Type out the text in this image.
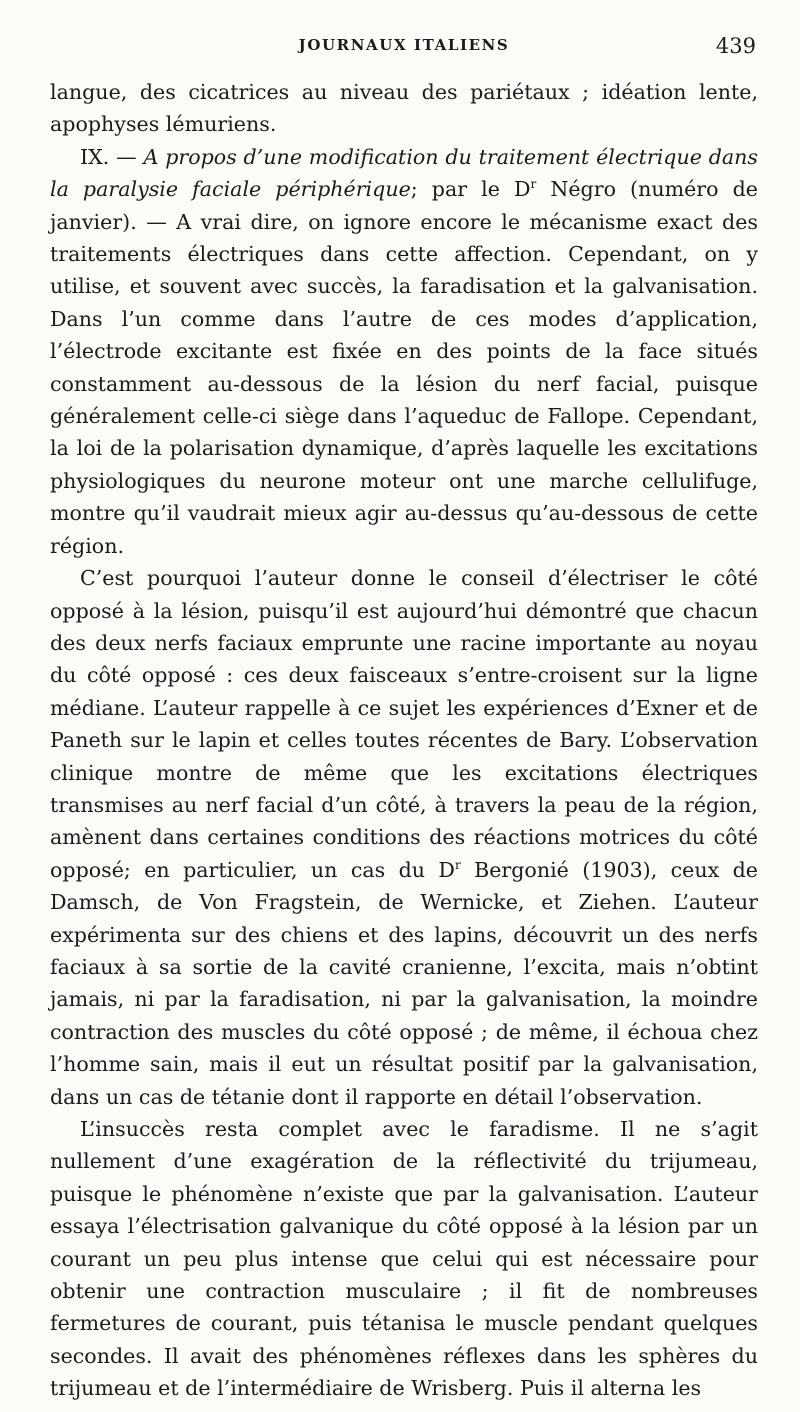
JOURNAUX ITALIENS	439

langue, des cicatrices au niveau des pariétaux ; idéation lente, apophyses lémuriens.

IX. — A propos d’une modification du traitement électrique dans la paralysie faciale périphérique; par le $D^r$ Négro (numéro de janvier). — A vrai dire, on ignore encore le mécanisme exact des traitements électriques dans cette affection. Cependant, on y utilise, et souvent avec succès, la faradisation et la galvanisation. Dans l’un comme dans l’autre de ces modes d’application, l’électrode excitante est fixée en des points de la face situés constamment au-dessous de la lésion du nerf facial, puisque généralement celle-ci siège dans l’aqueduc de Fallope. Cependant, la loi de la polarisation dynamique, d’après laquelle les excitations physiologiques du neurone moteur ont une marche cellulifuge, montre qu’il vaudrait mieux agir au-dessus qu’au-dessous de cette région.

C’est pourquoi l’auteur donne le conseil d’électriser le côté opposé à la lésion, puisqu’il est aujourd’hui démontré que chacun des deux nerfs faciaux emprunte une racine importante au noyau du côté opposé : ces deux faisceaux s’entre-croisent sur la ligne médiane. L’auteur rappelle à ce sujet les expériences d’Exner et de Paneth sur le lapin et celles toutes récentes de Bary. L’observation clinique montre de même que les excitations électriques transmises au nerf facial d’un côté, à travers la peau de la région, amènent dans certaines conditions des réactions motrices du côté opposé; en particulier, un cas du $D^r$ Bergonié (1903), ceux de Damsch, de Von Fragstein, de Wernicke, et Ziehen. L’auteur expérimenta sur des chiens et des lapins, découvrit un des nerfs faciaux à sa sortie de la cavité cranienne, l’excita, mais n’obtint jamais, ni par la faradisation, ni par la galvanisation, la moindre contraction des muscles du côté opposé ; de même, il échoua chez l’homme sain, mais il eut un résultat positif par la galvanisation, dans un cas de tétanie dont il rapporte en détail l’observation.

L’insuccès resta complet avec le faradisme. Il ne s’agit nullement d’une exagération de la réflectivité du trijumeau, puisque le phénomène n’existe que par la galvanisation. L’auteur essaya l’électrisation galvanique du côté opposé à la lésion par un courant un peu plus intense que celui qui est nécessaire pour obtenir une contraction musculaire ; il fit de nombreuses fermetures de courant, puis tétanisa le muscle pendant quelques secondes. Il avait des phénomènes réflexes dans les sphères du trijumeau et de l’intermédiaire de Wrisberg. Puis il alterna les
